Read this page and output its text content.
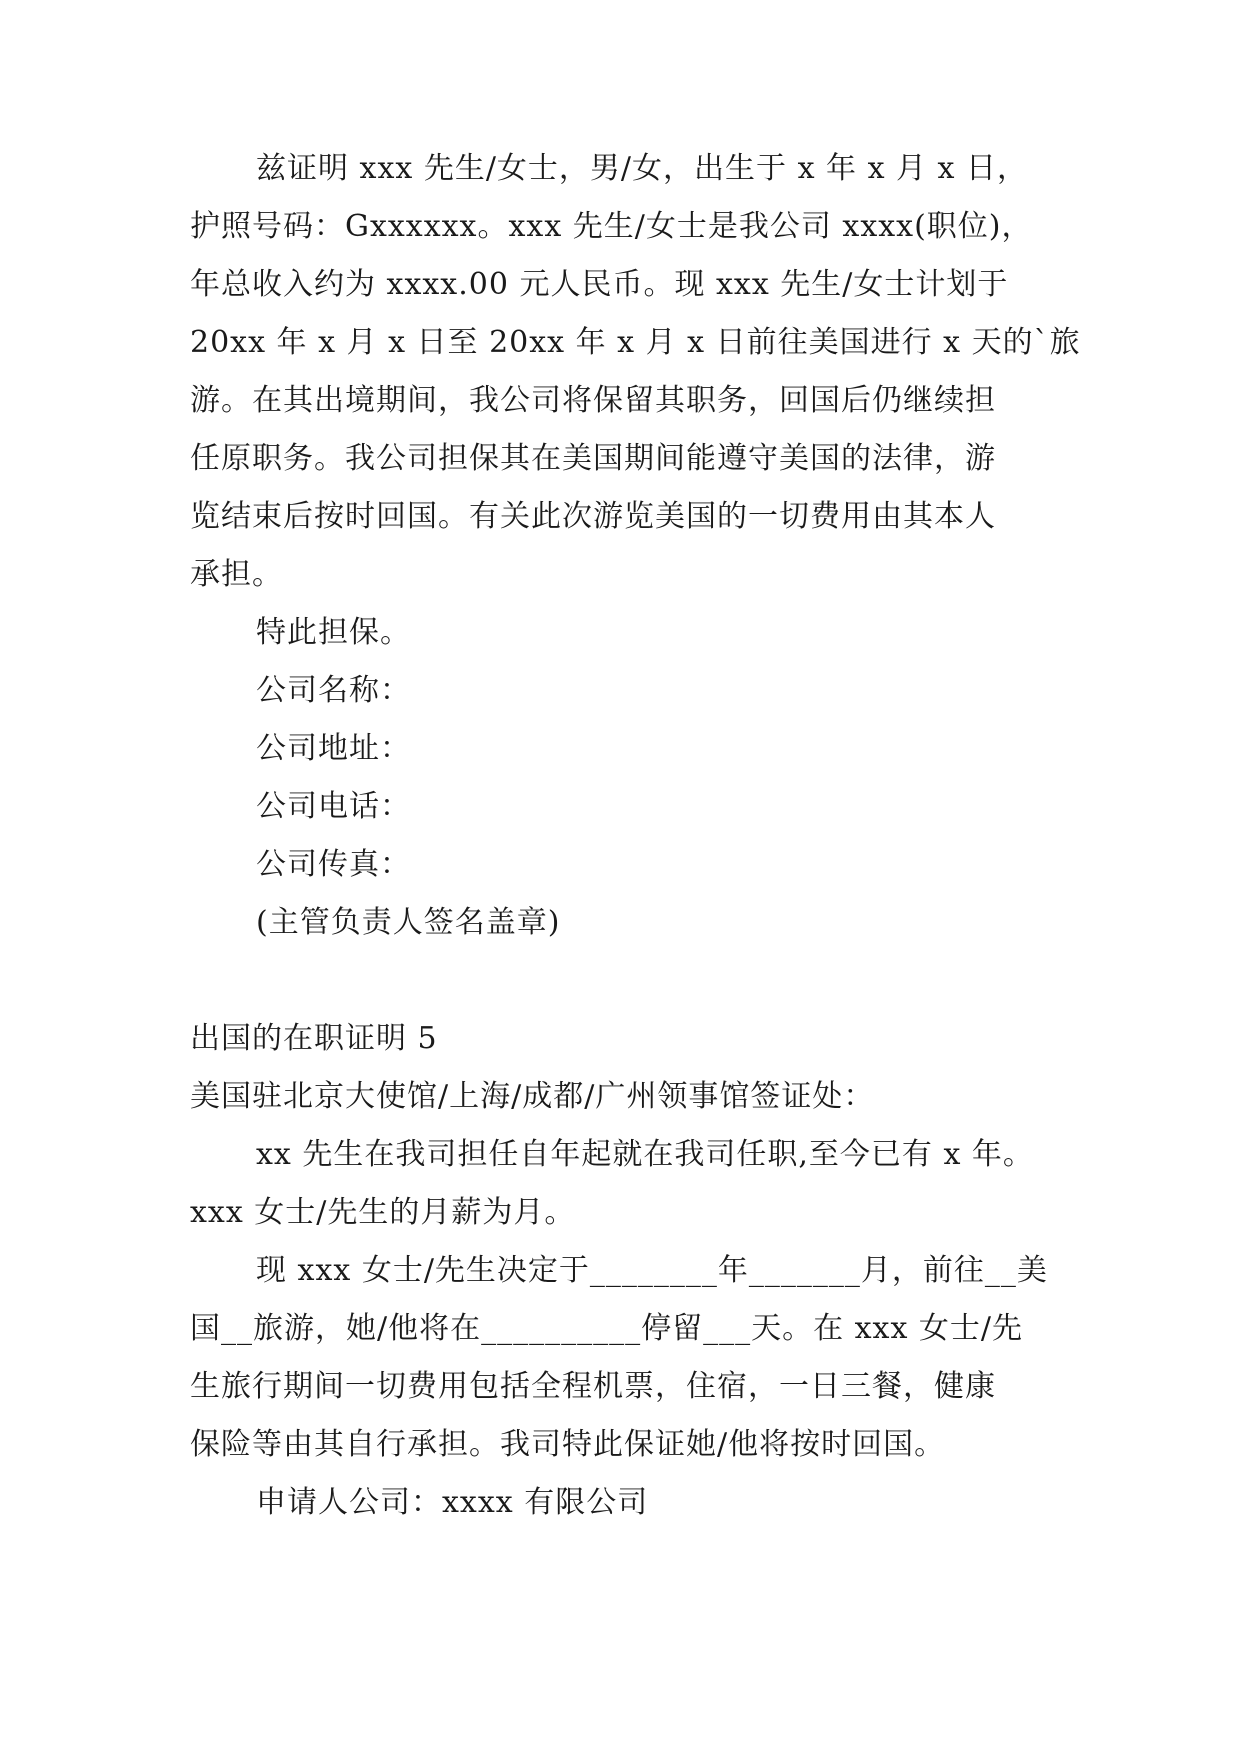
兹证明 xxx 先生/女士，男/女，出生于 x 年 x 月 x 日，
护照号码：Gxxxxxx。xxx 先生/女士是我公司 xxxx(职位)，
年总收入约为 xxxx.00 元人民币。现 xxx 先生/女士计划于
20xx 年 x 月 x 日至 20xx 年 x 月 x 日前往美国进行 x 天的`旅
游。在其出境期间，我公司将保留其职务，回国后仍继续担
任原职务。我公司担保其在美国期间能遵守美国的法律，游
览结束后按时回国。有关此次游览美国的一切费用由其本人
承担。
特此担保。
公司名称：
公司地址：
公司电话：
公司传真：
(主管负责人签名盖章)
出国的在职证明 5
美国驻北京大使馆/上海/成都/广州领事馆签证处：
xx 先生在我司担任自年起就在我司任职,至今已有 x 年。
xxx 女士/先生的月薪为月。
现 xxx 女士/先生决定于________年_______月，前往__美
国__旅游，她/他将在__________停留___天。在 xxx 女士/先
生旅行期间一切费用包括全程机票，住宿，一日三餐，健康
保险等由其自行承担。我司特此保证她/他将按时回国。
申请人公司：xxxx 有限公司
